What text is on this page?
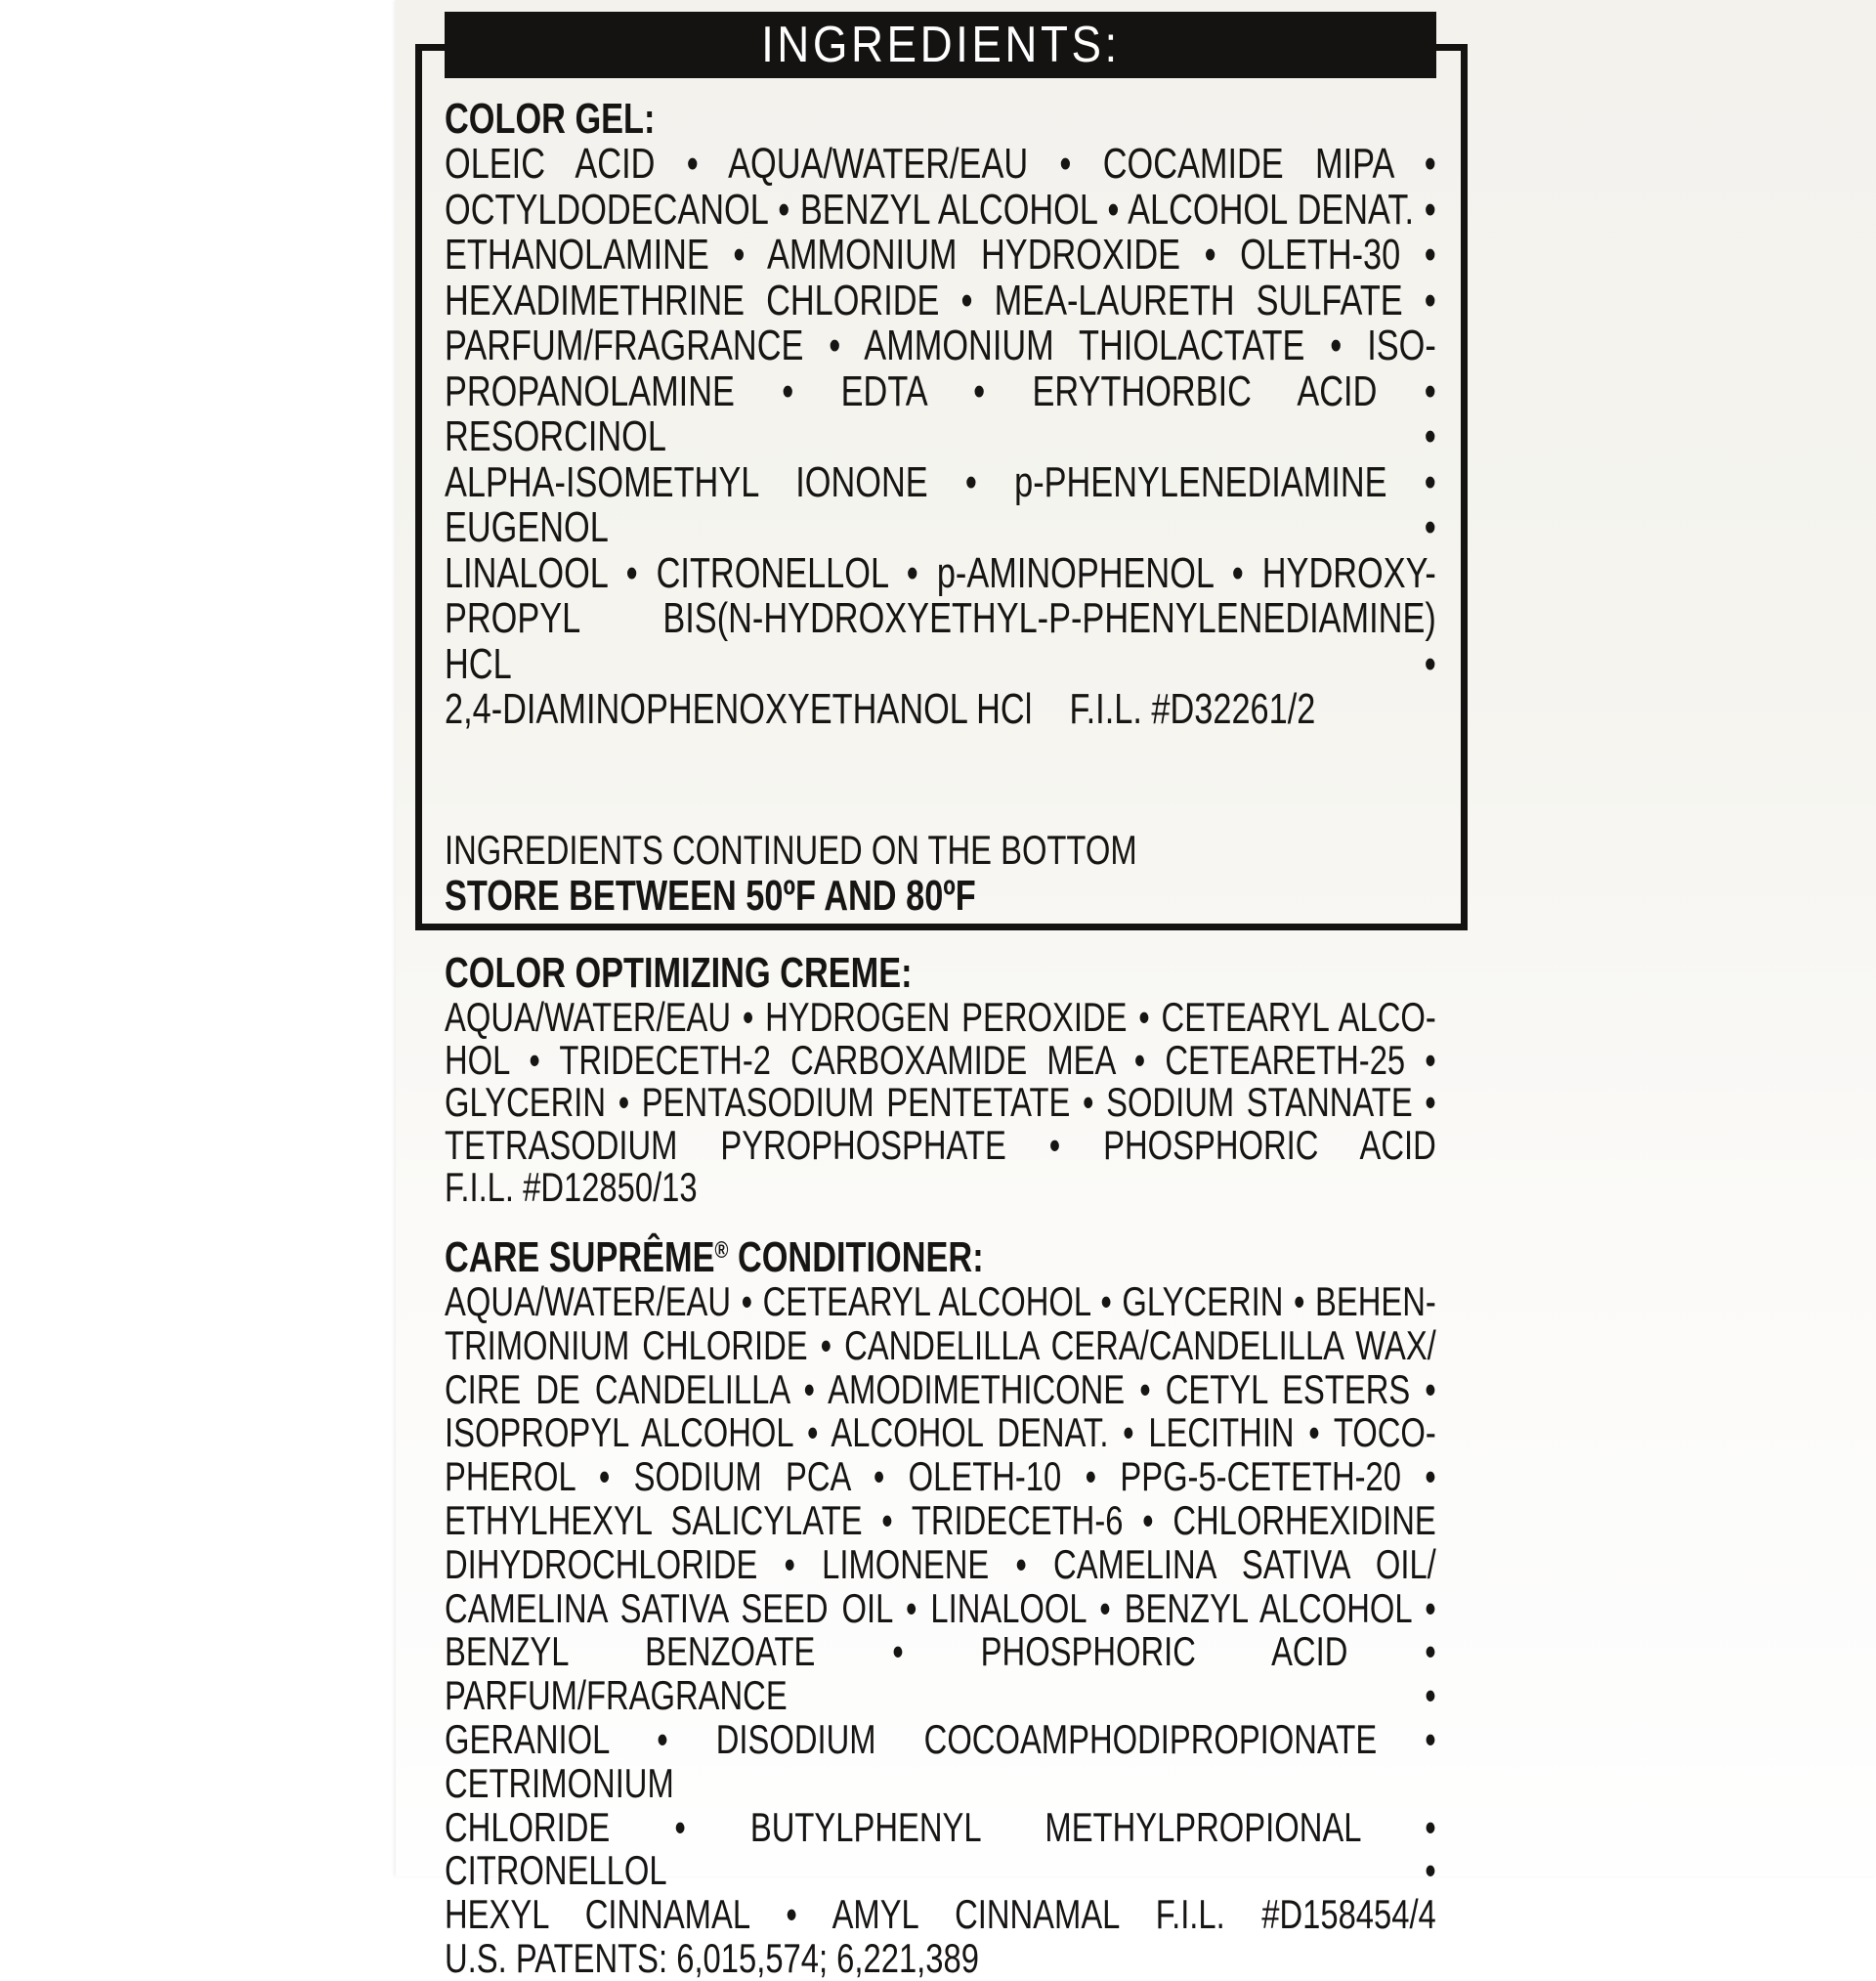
INGREDIENTS:
COLOR GEL:
OLEIC ACID • AQUA/WATER/EAU • COCAMIDE MIPA •
OCTYLDODECANOL • BENZYL ALCOHOL • ALCOHOL DENAT. •
ETHANOLAMINE • AMMONIUM HYDROXIDE • OLETH-30 •
HEXADIMETHRINE CHLORIDE • MEA-LAURETH SULFATE •
PARFUM/FRAGRANCE • AMMONIUM THIOLACTATE • ISO-
PROPANOLAMINE • EDTA • ERYTHORBIC ACID • RESORCINOL •
ALPHA-ISOMETHYL IONONE • p-PHENYLENEDIAMINE • EUGENOL •
LINALOOL • CITRONELLOL • p-AMINOPHENOL • HYDROXY-
PROPYL BIS(N-HYDROXYETHYL-P-PHENYLENEDIAMINE) HCL •
2,4-DIAMINOPHENOXYETHANOL HCl    F.I.L. #D32261/2
INGREDIENTS CONTINUED ON THE BOTTOM
STORE BETWEEN 50ºF AND 80ºF
COLOR OPTIMIZING CREME:
AQUA/WATER/EAU • HYDROGEN PEROXIDE • CETEARYL ALCO-
HOL • TRIDECETH-2 CARBOXAMIDE MEA • CETEARETH-25 •
GLYCERIN • PENTASODIUM PENTETATE • SODIUM STANNATE •
TETRASODIUM PYROPHOSPHATE • PHOSPHORIC ACID
F.I.L. #D12850/13
CARE SUPRÊME® CONDITIONER:
AQUA/WATER/EAU • CETEARYL ALCOHOL • GLYCERIN • BEHEN-
TRIMONIUM CHLORIDE • CANDELILLA CERA/CANDELILLA WAX/
CIRE DE CANDELILLA • AMODIMETHICONE • CETYL ESTERS •
ISOPROPYL ALCOHOL • ALCOHOL DENAT. • LECITHIN • TOCO-
PHEROL • SODIUM PCA • OLETH-10 • PPG-5-CETETH-20 •
ETHYLHEXYL SALICYLATE • TRIDECETH-6 • CHLORHEXIDINE
DIHYDROCHLORIDE • LIMONENE • CAMELINA SATIVA OIL/
CAMELINA SATIVA SEED OIL • LINALOOL • BENZYL ALCOHOL •
BENZYL BENZOATE • PHOSPHORIC ACID • PARFUM/FRAGRANCE •
GERANIOL • DISODIUM COCOAMPHODIPROPIONATE • CETRIMONIUM
CHLORIDE • BUTYLPHENYL METHYLPROPIONAL • CITRONELLOL •
HEXYL CINNAMAL • AMYL CINNAMAL F.I.L. #D158454/4
U.S. PATENTS: 6,015,574; 6,221,389
